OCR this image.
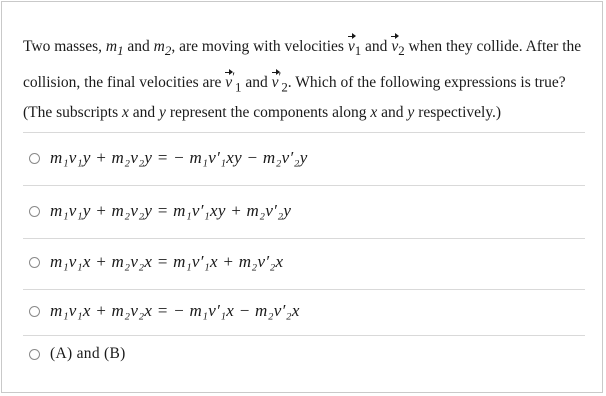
Two masses, $m_1$ and $m_2$, are moving with velocities $v_1$ and $v_2$ when they collide. After the collision, the final velocities are $v'_1$ and $v'_2$. Which of the following expressions is true? (The subscripts x and y represent the components along x and y respectively.)

m₁v₁y + m₂v₂y = − m₁v′₁xy − m₂v′₂y
m₁v₁y + m₂v₂y = m₁v′₁xy + m₂v′₂y
m₁v₁x + m₂v₂x = m₁v′₁x + m₂v′₂x
m₁v₁x + m₂v₂x = − m₁v′₁x − m₂v′₂x
(A) and (B)
